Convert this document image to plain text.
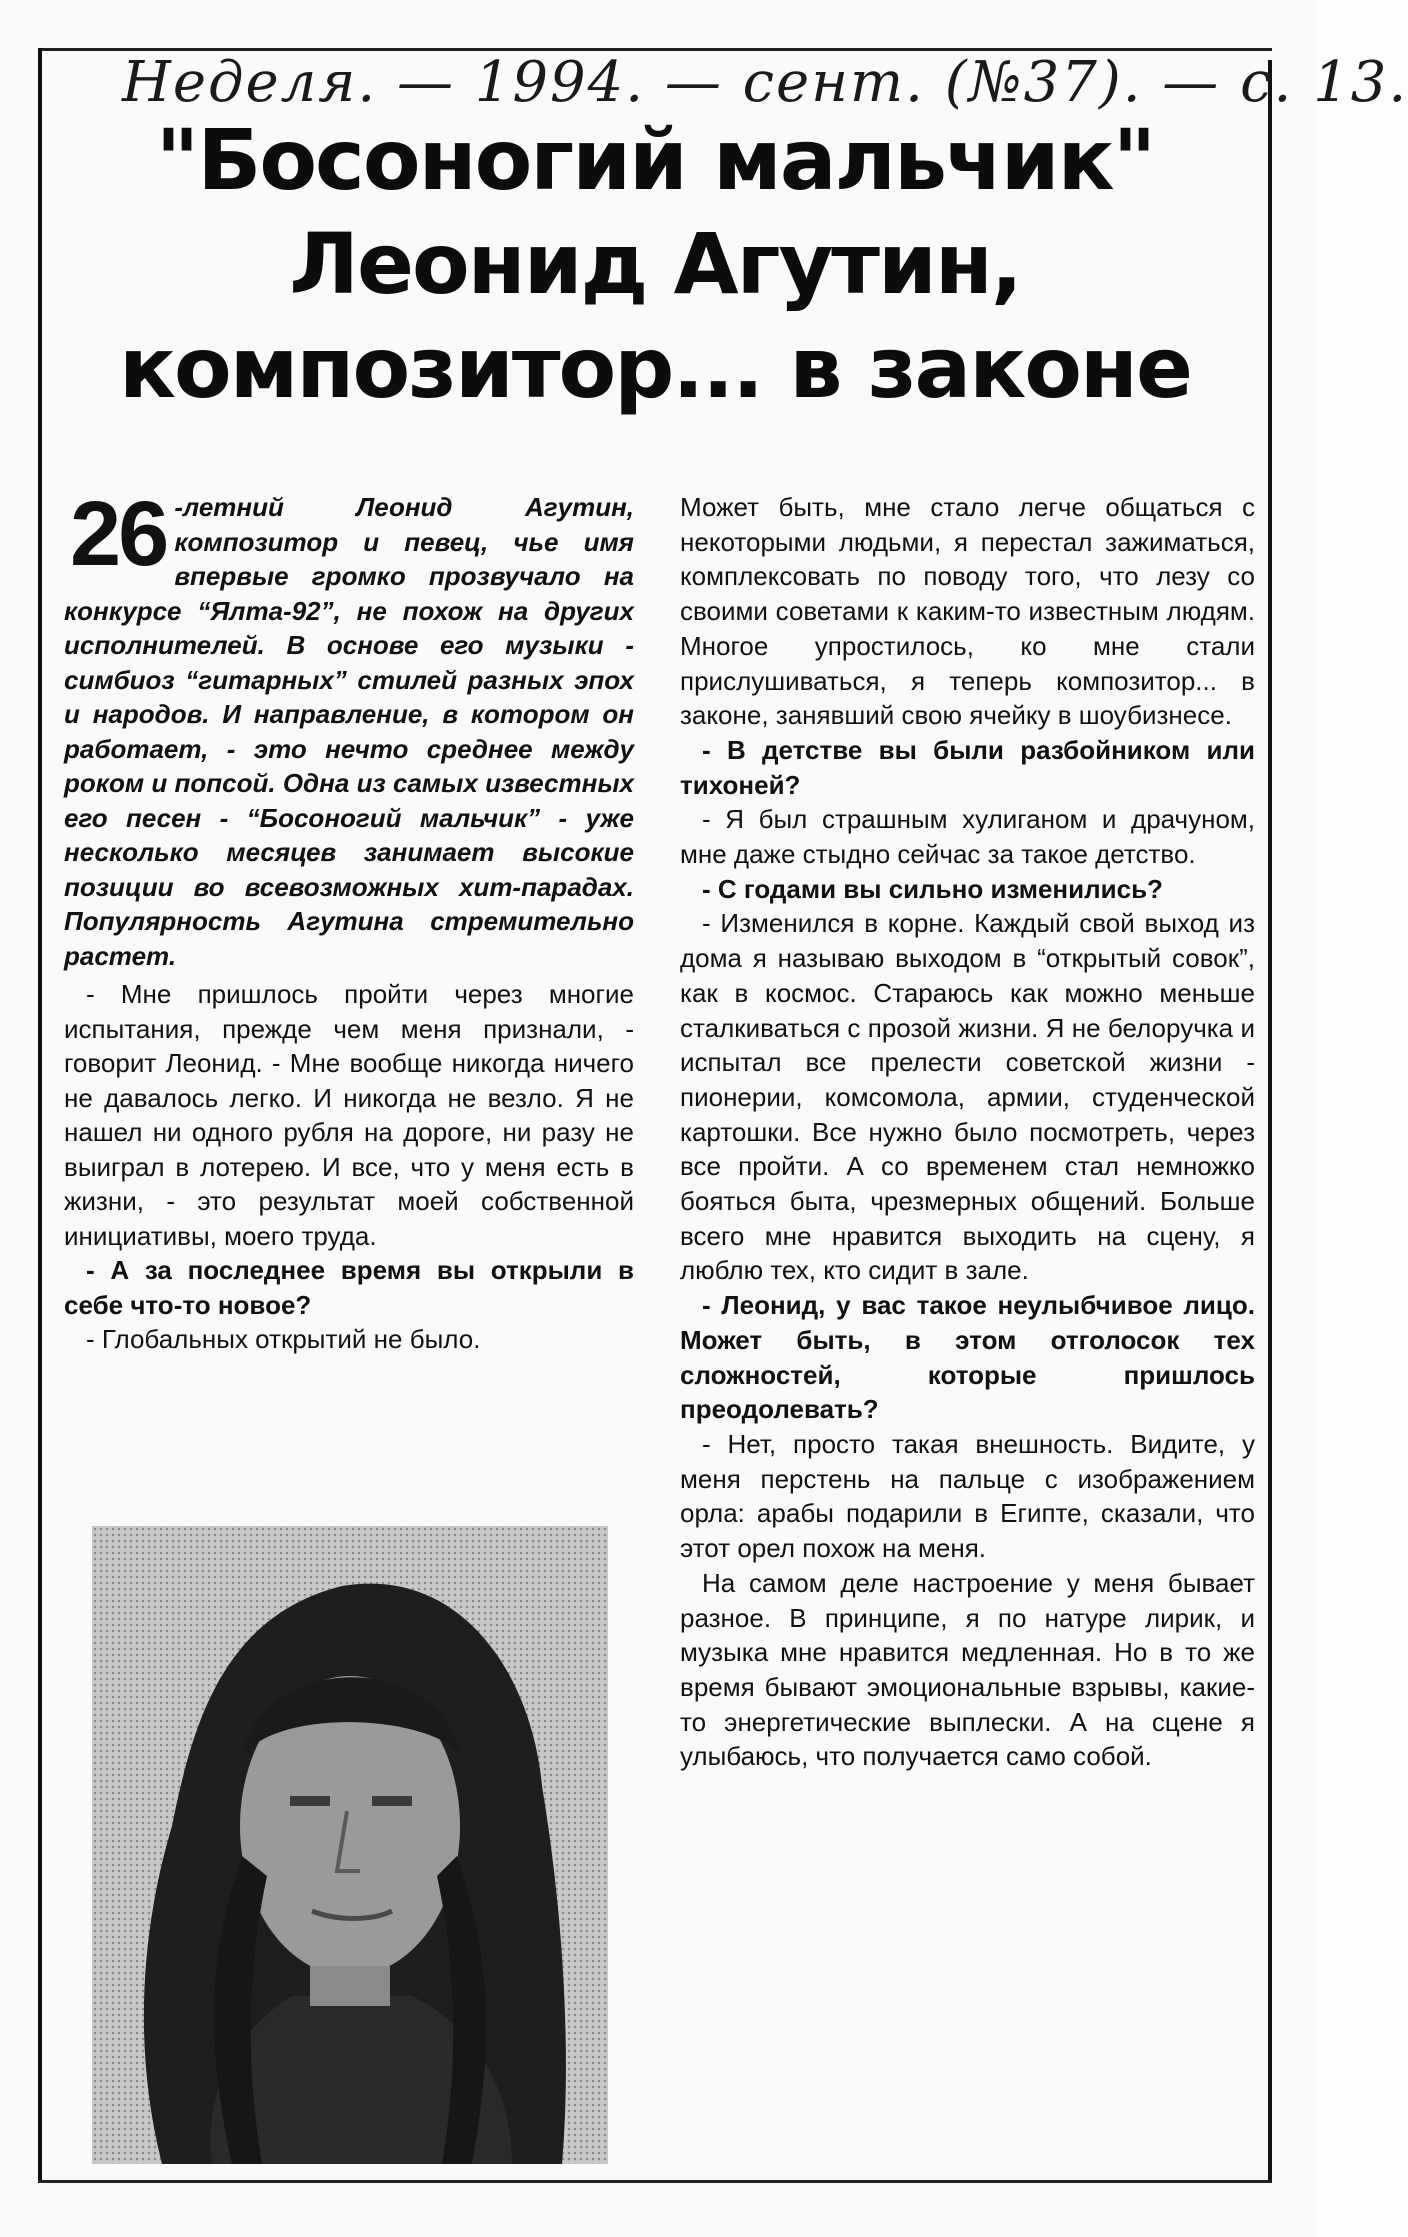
Неделя. — 1994. — сент. (№37). — с. 13.
"Босоногий мальчик"
Леонид Агутин,
композитор... в законе

26 -летний Леонид Агутин, композитор и певец, чье имя впервые громко прозвучало на конкурсе “Ялта-92”, не похож на других исполнителей. В основе его музыки - симбиоз “гитарных” стилей разных эпох и народов. И направление, в котором он работает, - это нечто среднее между роком и попсой. Одна из самых известных его песен - “Босоногий мальчик” - уже несколько месяцев занимает высокие позиции во всевозможных хит-парадах. Популярность Агутина стремительно растет.

- Мне пришлось пройти через многие испытания, прежде чем меня признали, - говорит Леонид. - Мне вообще никогда ничего не давалось легко. И никогда не везло. Я не нашел ни одного рубля на дороге, ни разу не выиграл в лотерею. И все, что у меня есть в жизни, - это результат моей собственной инициативы, моего труда.

- А за последнее время вы открыли в себе что-то новое?

- Глобальных открытий не было.

Может быть, мне стало легче общаться с некоторыми людьми, я перестал зажиматься, комплексовать по поводу того, что лезу со своими советами к каким-то известным людям. Многое упростилось, ко мне стали прислушиваться, я теперь композитор... в законе, занявший свою ячейку в шоубизнесе.

- В детстве вы были разбойником или тихоней?

- Я был страшным хулиганом и драчуном, мне даже стыдно сейчас за такое детство.

- С годами вы сильно изменились?

- Изменился в корне. Каждый свой выход из дома я называю выходом в “открытый совок”, как в космос. Стараюсь как можно меньше сталкиваться с прозой жизни. Я не белоручка и испытал все прелести советской жизни - пионерии, комсомола, армии, студенческой картошки. Все нужно было посмотреть, через все пройти. А со временем стал немножко бояться быта, чрезмерных общений. Больше всего мне нравится выходить на сцену, я люблю тех, кто сидит в зале.

- Леонид, у вас такое неулыбчивое лицо. Может быть, в этом отголосок тех сложностей, которые пришлось преодолевать?

- Нет, просто такая внешность. Видите, у меня перстень на пальце с изображением орла: арабы подарили в Египте, сказали, что этот орел похож на меня.

На самом деле настроение у меня бывает разное. В принципе, я по натуре лирик, и музыка мне нравится медленная. Но в то же время бывают эмоциональные взрывы, какие-то энергетические выплески. А на сцене я улыбаюсь, что получается само собой.
